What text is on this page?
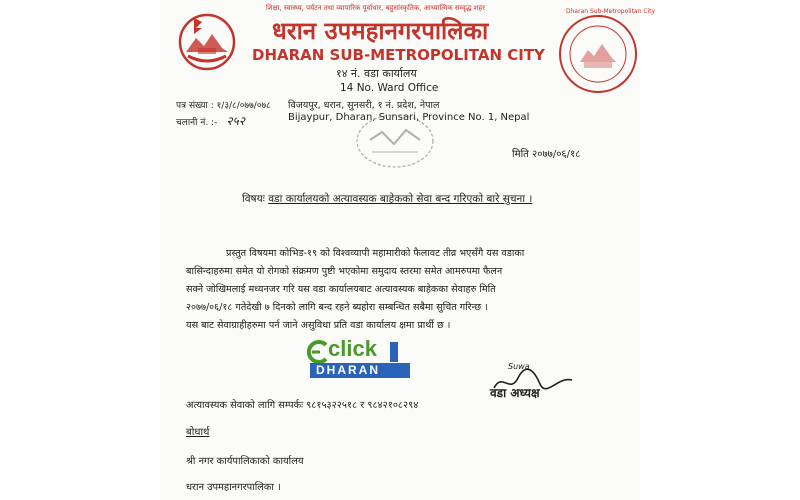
शिक्षा, स्वास्थ्य, पर्यटन तथा व्यापारिक पूर्वाधार, बहुसांस्कृतिक, आध्यात्मिक सम्वृद्ध शहर
धरान उपमहानगरपालिका
DHARAN SUB-METROPOLITAN CITY
१४ नं. वडा कार्यालय
14 No. Ward Office
विजयपुर, धरान, सुनसरी, १ नं. प्रदेश, नेपाल
Bijaypur, Dharan, Sunsari, Province No. 1, Nepal
पत्र संख्या : १/३/८/०७७/०७८
चलानी नं. :- २५२
Dharan Sub-Metropolitan City
मिति २०७७/०६/१८
विषयः वडा कार्यालयको अत्यावस्यक बाहेकको सेवा बन्द गरिएको बारे सुचना ।
प्रस्तुत विषयमा कोभिड-१९ को विश्वव्यापी महामारीको फैलावट तीव्र भएसँगै यस वडाका
बासिन्दाहरुमा समेत यो रोगको संक्रमण पुष्टी भएकोमा समुदाय स्तरमा समेत आमरुपमा फैलन
सक्ने जोखिमलाई मध्यनजर गरि यस वडा कार्यालयबाट अत्यावस्यक बाहेकका सेवाहरु मिति
२०७७/०६/१८ गतेदेखी ७ दिनको लागि बन्द रहने ब्यहोरा सम्बन्धित सबैमा सुचित गरिन्छ ।
यस बाट सेवाग्राहीहरुमा पर्न जाने असुविधा प्रति वडा कार्यालय क्षमा प्रार्थी छ ।
click
DHARAN	Suwa
वडा अध्यक्ष
अत्यावस्यक सेवाको लागि सम्पर्कः ९८१५३२२५१८ र ९८४२१०८२९४
बोधार्थ
श्री नगर कार्यपालिकाको कार्यालय
धरान उपमहानगरपालिका ।
